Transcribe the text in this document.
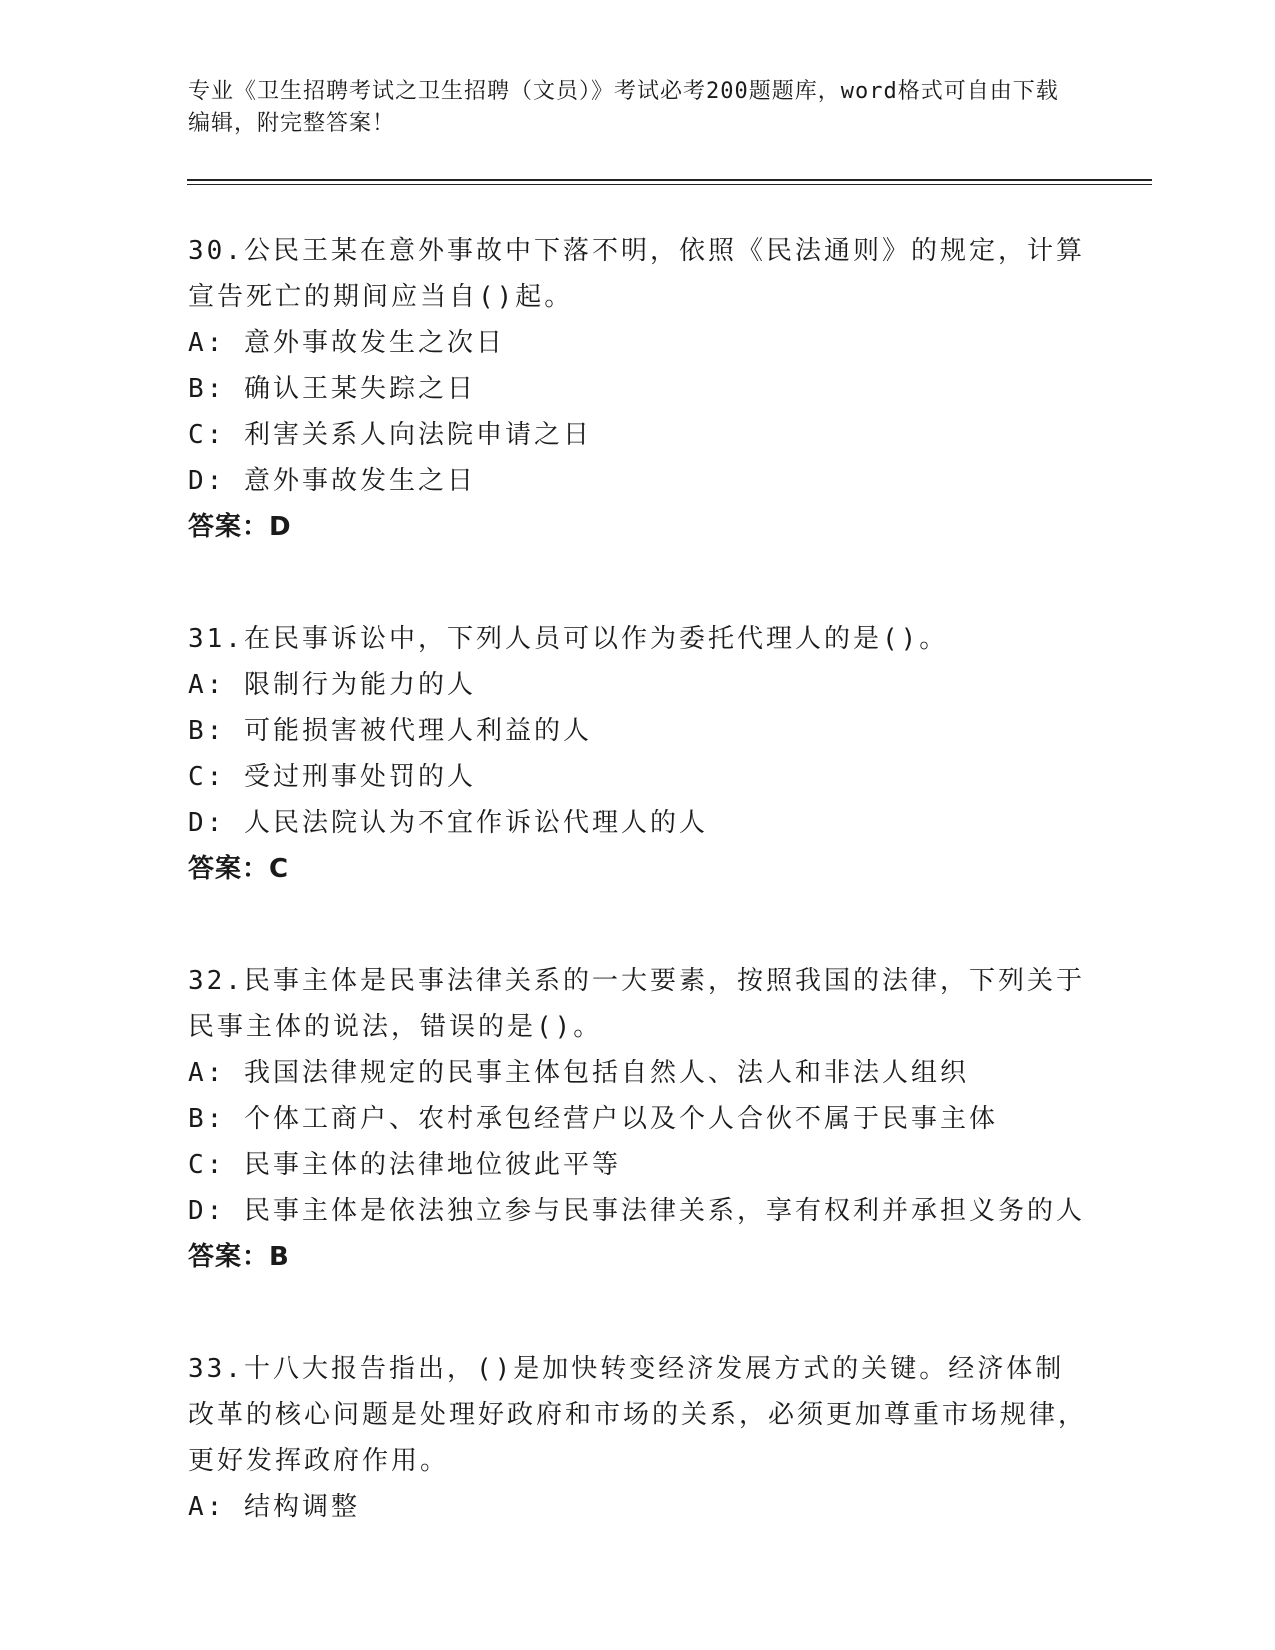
专业《卫生招聘考试之卫生招聘（文员）》考试必考200题题库，word格式可自由下载编辑，附完整答案！

30.公民王某在意外事故中下落不明，依照《民法通则》的规定，计算宣告死亡的期间应当自()起。

A: 意外事故发生之次日

B: 确认王某失踪之日

C: 利害关系人向法院申请之日

D: 意外事故发生之日

答案：D

31.在民事诉讼中，下列人员可以作为委托代理人的是()。

A: 限制行为能力的人

B: 可能损害被代理人利益的人

C: 受过刑事处罚的人

D: 人民法院认为不宜作诉讼代理人的人

答案：C

32.民事主体是民事法律关系的一大要素，按照我国的法律，下列关于民事主体的说法，错误的是()。

A: 我国法律规定的民事主体包括自然人、法人和非法人组织

B: 个体工商户、农村承包经营户以及个人合伙不属于民事主体

C: 民事主体的法律地位彼此平等

D: 民事主体是依法独立参与民事法律关系，享有权利并承担义务的人

答案：B

33.十八大报告指出，()是加快转变经济发展方式的关键。经济体制改革的核心问题是处理好政府和市场的关系，必须更加尊重市场规律，更好发挥政府作用。

A: 结构调整
